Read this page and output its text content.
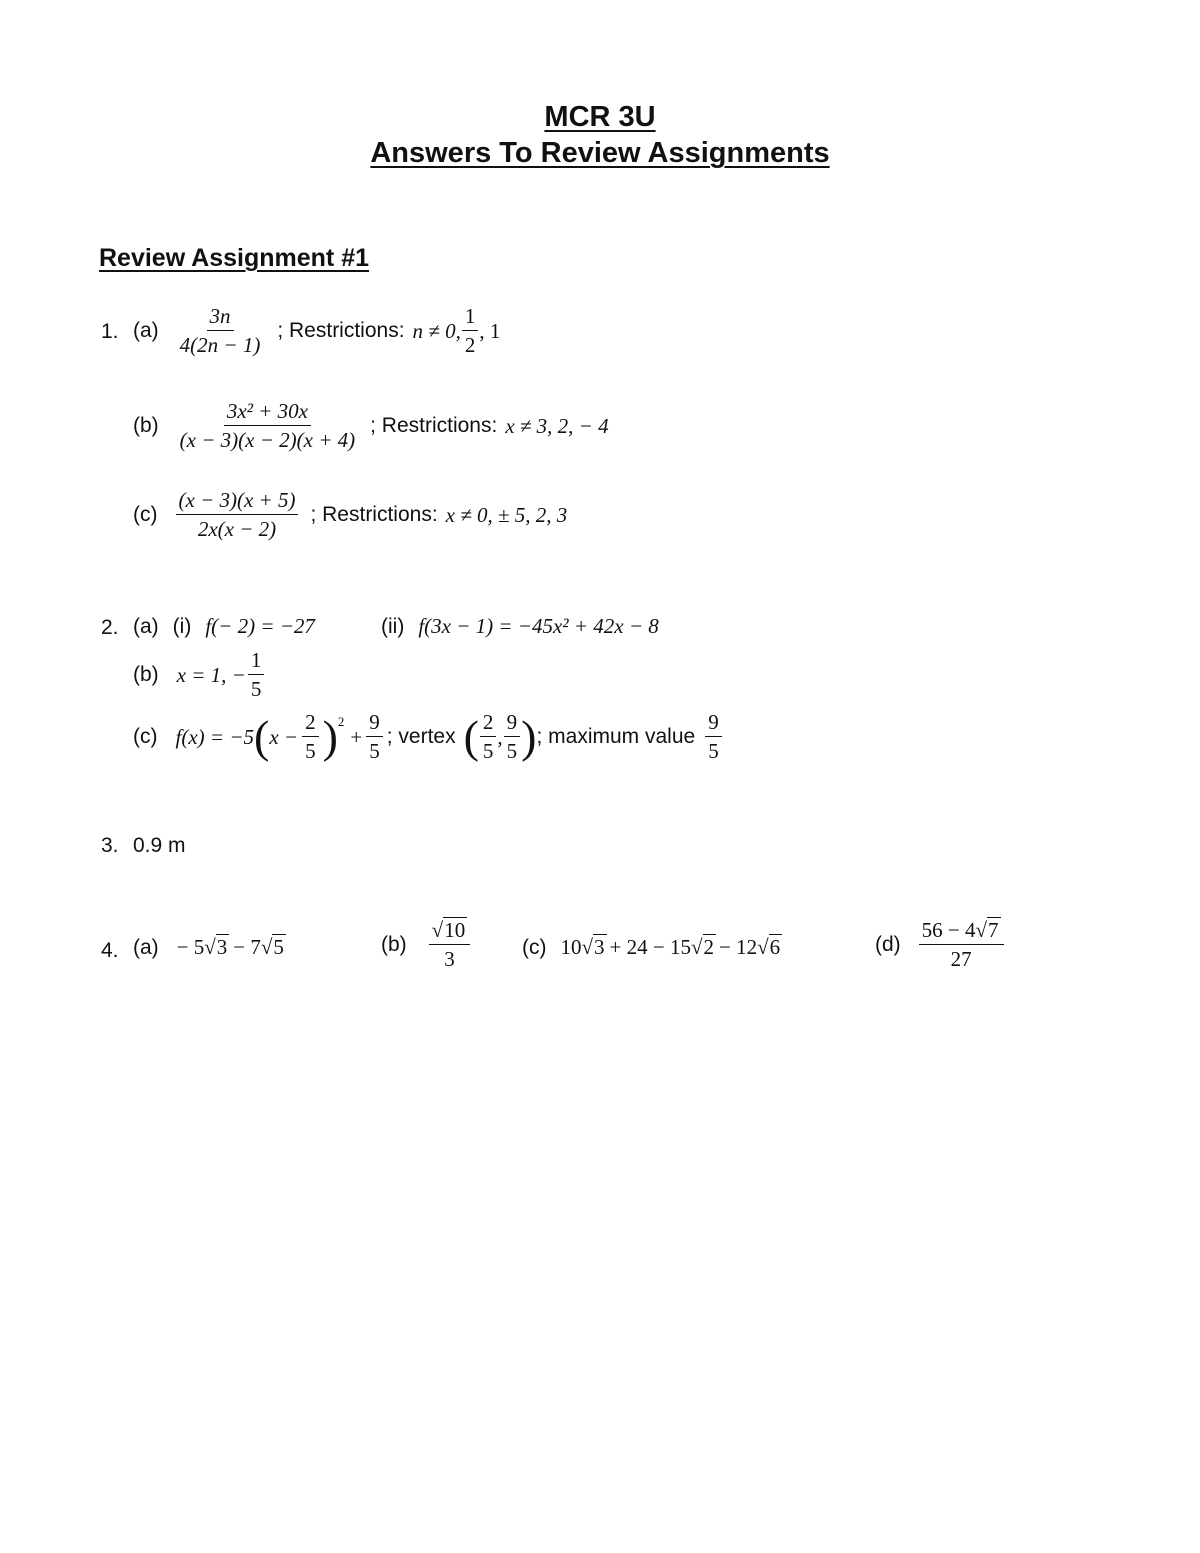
MCR 3U
Answers To Review Assignments
Review Assignment #1
1. $(a) \frac{3n}{4(2n - 1)}$ ; Restrictions: n ≠ 0, $\frac{1}{2}$ , 1
$(b) \frac{\text{3x² + 30x}}{(x - 3)(x - 2)(x + 4)}$ ; Restrictions: x ≠ 3, 2, − 4
$(c) \frac{(x - 3)(x + 5)}{2x(x - 2)}$ ; Restrictions: x ≠ 0, ± 5, 2, 3
2. (a) (i) f(− 2) = −27	(ii) f(3x − 1) = −45x² + 42x − 8
(b) x = 1, − $\frac{1}{5}$
(c) f(x) = −5 ( $x - \frac{2}{5}$ ) 2
+ $\frac{9}{5}$ ; vertex ( $\frac{2}{5}$ , $\frac{9}{5}$ ) ; maximum value $\frac{9}{5}$
3. 0.9 m
4. (a) − 5 √3 − 7 √5	$(b) \frac{√10}{3} (c)$ 10 √3 + 24 − 15 √2 − 12 √6	$(d) \frac{56 - 4√7}{27}$
